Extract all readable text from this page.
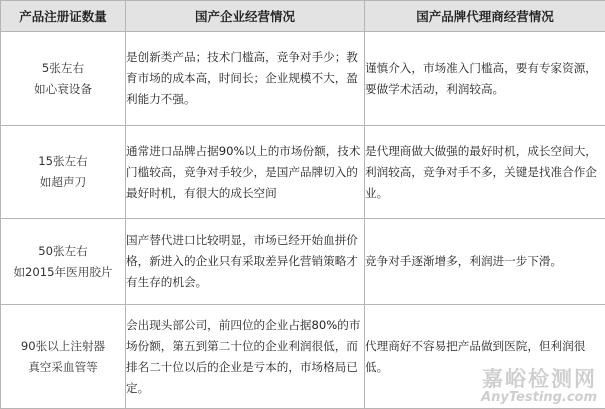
产品注册证数量	国产企业经营情况	国产品牌代理商经营情况

5张左右
如心衰设备	是创新类产品；技术门槛高，竞争对手少；教育市场的成本高，时间长；企业规模不大，盈利能力不强。	谨慎介入，市场准入门槛高，要有专家资源，要做学术活动，利润较高。

15张左右
如超声刀	通常进口品牌占据90%以上的市场份额，技术门槛较高，竞争对手较少，是国产品牌切入的最好时机，有很大的成长空间	是代理商做大做强的最好时机，成长空间大，利润较高，竞争对手不多，关键是找准合作企业。

50张左右
如2015年医用胶片	国产替代进口比较明显，市场已经开始血拼价格，新进入的企业只有采取差异化营销策略才有生存的机会。	竞争对手逐渐增多，利润进一步下滑。

90张以上注射器
真空采血管等	会出现头部公司，前四位的企业占据80%的市场份额，第五到第二十位的企业利润很低，而排名二十位以后的企业是亏本的，市场格局已定。	代理商好不容易把产品做到医院，但利润很低。
嘉峪检测网
AnyTesting.com
